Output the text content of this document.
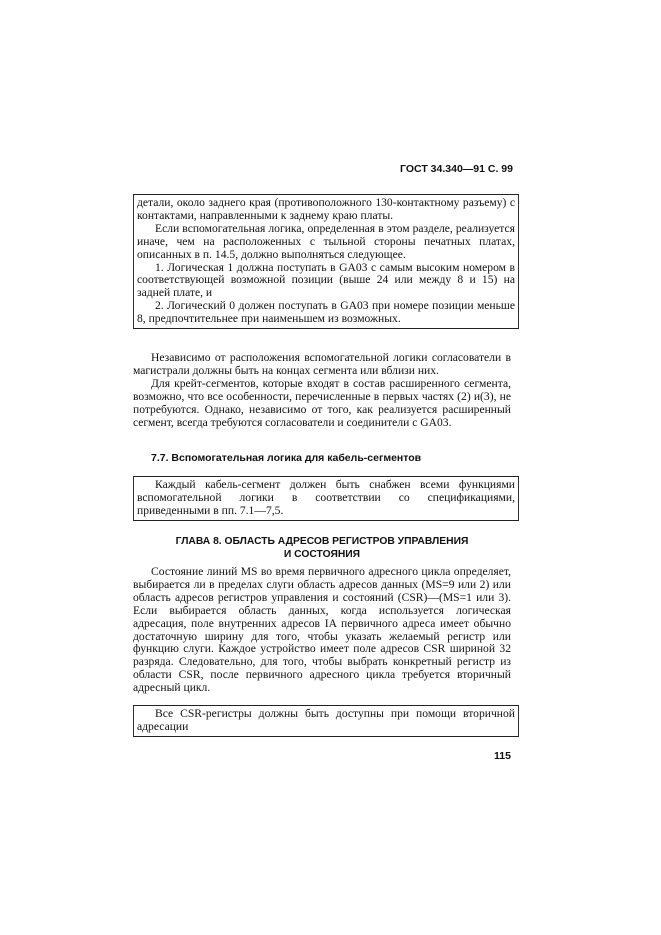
ГОСТ 34.340—91 С. 99

детали, около заднего края (противоположного 130-контактному разъему) с контактами, направленными к заднему краю платы.

Если вспомогательная логика, определенная в этом разделе, реализуется иначе, чем на расположенных с тыльной стороны печатных платах, описанных в п. 14.5, должно выполняться следующее.

1. Логическая 1 должна поступать в GA03 с самым высоким номером в соответствующей возможной позиции (выше 24 или между 8 и 15) на задней плате, и

2. Логический 0 должен поступать в GA03 при номере позиции меньше 8, предпочтительнее при наименьшем из возможных.

Независимо от расположения вспомогательной логики согласователи в магистрали должны быть на концах сегмента или вблизи них.

Для крейт-сегментов, которые входят в состав расширенного сегмента, возможно, что все особенности, перечисленные в первых частях (2) и(3), не потребуются. Однако, независимо от того, как реализуется расширенный сегмент, всегда требуются согласователи и соединители с GA03.

7.7. Вспомогательная логика для кабель-сегментов

Каждый кабель-сегмент должен быть снабжен всеми функциями вспомогательной логики в соответствии со спецификациями, приведенными в пп. 7.1—7,5.

ГЛАВА 8. ОБЛАСТЬ АДРЕСОВ РЕГИСТРОВ УПРАВЛЕНИЯ
И СОСТОЯНИЯ

Состояние линий MS во время первичного адресного цикла определяет, выбирается ли в пределах слуги область адресов данных (MS=9 или 2) или область адресов регистров управления и состояний (CSR)—(MS=1 или 3). Если выбирается область данных, когда используется логическая адресация, поле внутренних адресов IA первичного адреса имеет обычно достаточную ширину для того, чтобы указать желаемый регистр или функцию слуги. Каждое устройство имеет поле адресов CSR шириной 32 разряда. Следовательно, для того, чтобы выбрать конкретный регистр из области CSR, после первичного адресного цикла требуется вторичный адресный цикл.

Все CSR-регистры должны быть доступны при помощи вторичной адресации

115
